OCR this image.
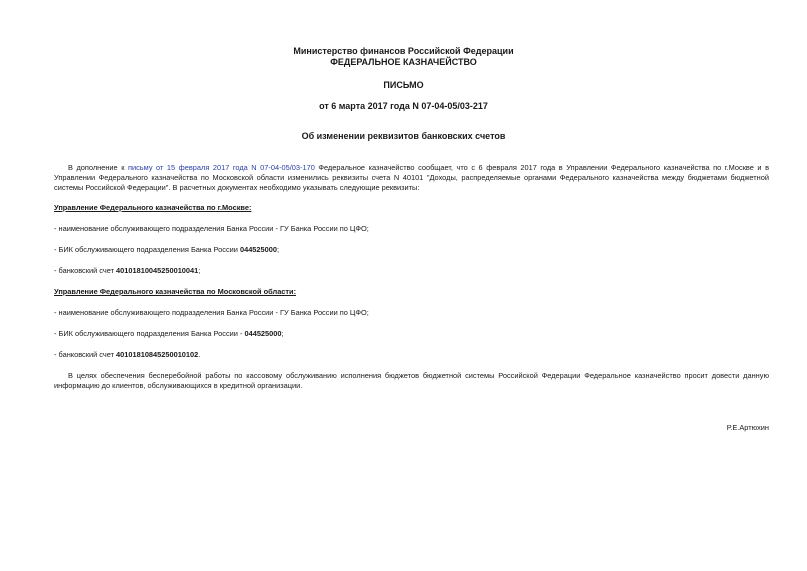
Министерство финансов Российской Федерации
ФЕДЕРАЛЬНОЕ КАЗНАЧЕЙСТВО
ПИСЬМО
от 6 марта 2017 года N 07-04-05/03-217
Об изменении реквизитов банковских счетов
В дополнение к письму от 15 февраля 2017 года N 07-04-05/03-170 Федеральное казначейство сообщает, что с 6 февраля 2017 года в Управлении Федерального казначейства по г.Москве и в Управлении Федерального казначейства по Московской области изменились реквизиты счета N 40101 "Доходы, распределяемые органами Федерального казначейства между бюджетами бюджетной системы Российской Федерации". В расчетных документах необходимо указывать следующие реквизиты:
Управление Федерального казначейства по г.Москве:
- наименование обслуживающего подразделения Банка России - ГУ Банка России по ЦФО;
- БИК обслуживающего подразделения Банка России 044525000;
- банковский счет 40101810045250010041;
Управление Федерального казначейства по Московской области:
- наименование обслуживающего подразделения Банка России - ГУ Банка России по ЦФО;
- БИК обслуживающего подразделения Банка России - 044525000;
- банковский счет 40101810845250010102.
В целях обеспечения бесперебойной работы по кассовому обслуживанию исполнения бюджетов бюджетной системы Российской Федерации Федеральное казначейство просит довести данную информацию до клиентов, обслуживающихся в кредитной организации.
Р.Е.Артюхин
